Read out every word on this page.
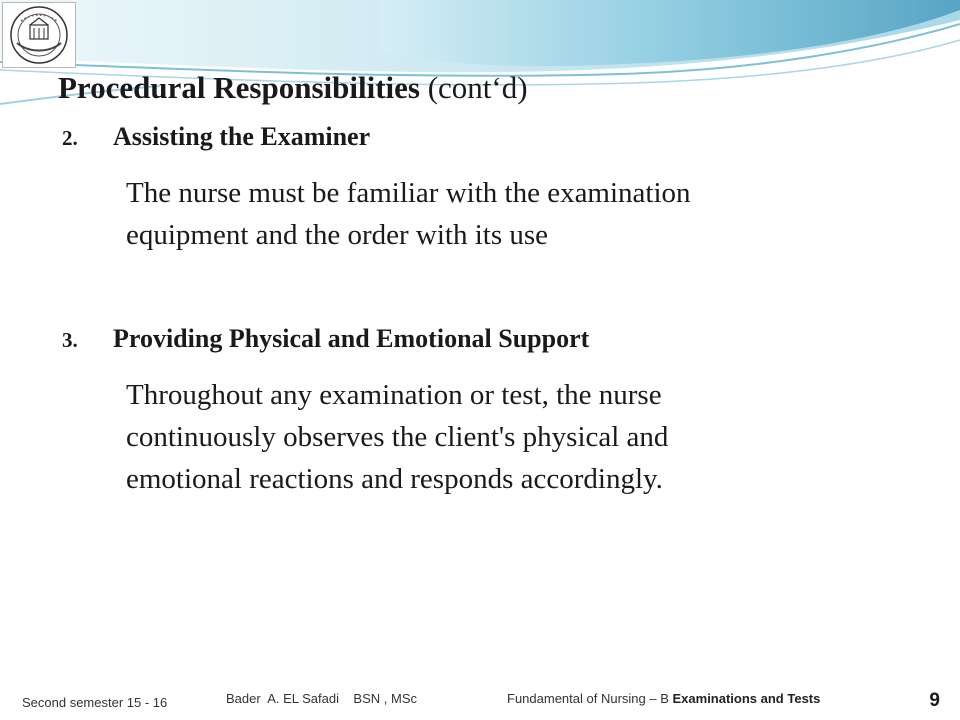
Procedural Responsibilities (cont‘d)
2. Assisting the Examiner
The nurse must be familiar with the examination
equipment and the order with its use
3. Providing Physical and Emotional Support
Throughout any examination or test, the nurse
continuously observes the client's physical and
emotional reactions and responds accordingly.
Second semester 15 - 16	Bader  A. EL Safadi    BSN , MSc	Fundamental of Nursing – B Examinations and Tests	9
